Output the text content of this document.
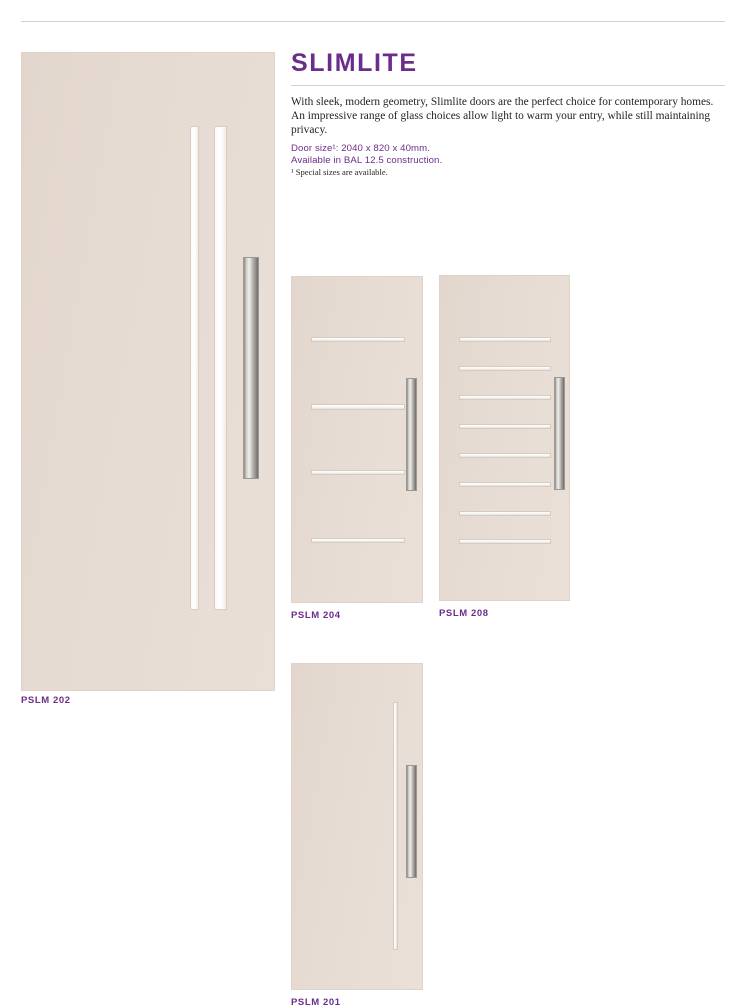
PSLM 202
SLIMLITE
With sleek, modern geometry, Slimlite doors are the perfect choice for contemporary homes. An impressive range of glass choices allow light to warm your entry, while still maintaining privacy.
Door size¹: 2040 x 820 x 40mm.
Available in BAL 12.5 construction.
¹ Special sizes are available.
PSLM 204	PSLM 208
PSLM 201
